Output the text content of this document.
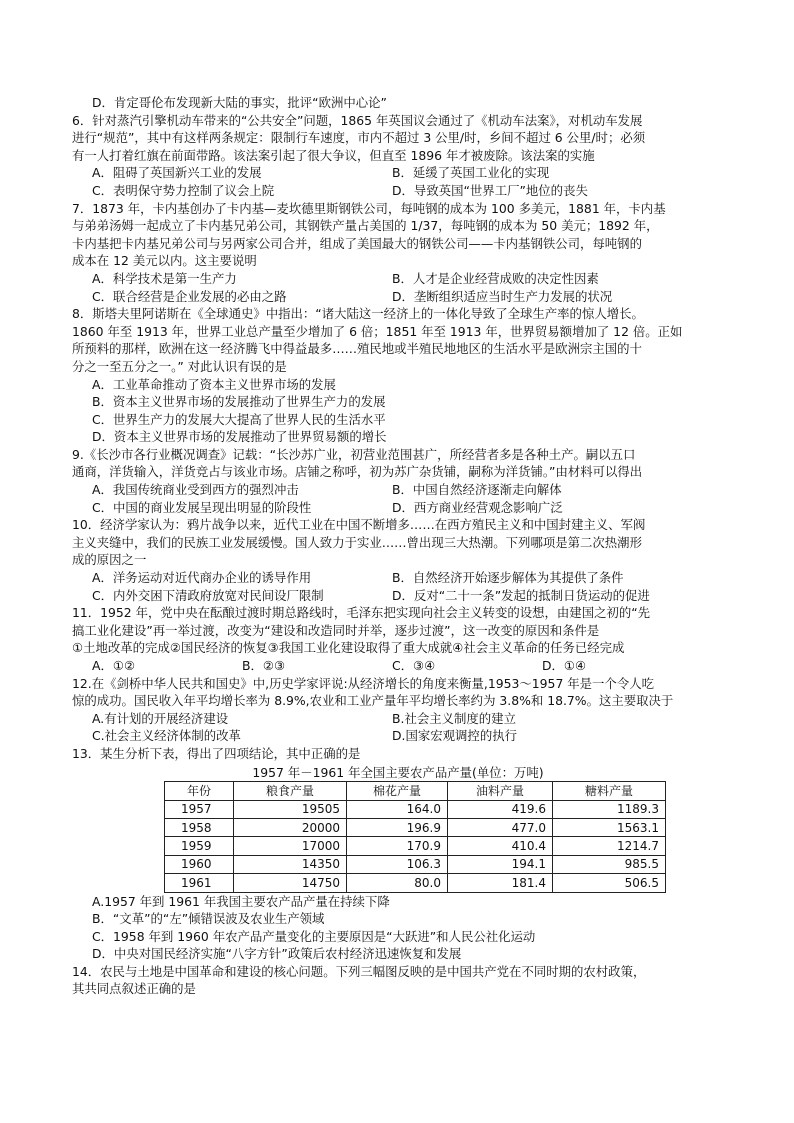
D．肯定哥伦布发现新大陆的事实，批评“欧洲中心论”
6．针对蒸汽引擎机动车带来的“公共安全”问题，1865 年英国议会通过了《机动车法案》，对机动车发展
进行“规范”，其中有这样两条规定：限制行车速度，市内不超过 3 公里/时，乡间不超过 6 公里/时；必须
有一人打着红旗在前面带路。该法案引起了很大争议，但直至 1896 年才被废除。该法案的实施
A．阻碍了英国新兴工业的发展	B．延缓了英国工业化的实现
C．表明保守势力控制了议会上院	D．导致英国“世界工厂”地位的丧失
7．1873 年，卡内基创办了卡内基—麦坎德里斯钢铁公司，每吨钢的成本为 100 多美元，1881 年，卡内基
与弟弟汤姆一起成立了卡内基兄弟公司，其钢铁产量占美国的 1/37，每吨钢的成本为 50 美元；1892 年，
卡内基把卡内基兄弟公司与另两家公司合并，组成了美国最大的钢铁公司——卡内基钢铁公司，每吨钢的
成本在 12 美元以内。这主要说明
A．科学技术是第一生产力	B．人才是企业经营成败的决定性因素
C．联合经营是企业发展的必由之路	D．垄断组织适应当时生产力发展的状况
8．斯塔夫里阿诺斯在《全球通史》中指出：“诸大陆这一经济上的一体化导致了全球生产率的惊人增长。
1860 年至 1913 年，世界工业总产量至少增加了 6 倍；1851 年至 1913 年，世界贸易额增加了 12 倍。正如
所预料的那样，欧洲在这一经济腾飞中得益最多……殖民地或半殖民地地区的生活水平是欧洲宗主国的十
分之一至五分之一。” 对此认识有误的是
A．工业革命推动了资本主义世界市场的发展
B．资本主义世界市场的发展推动了世界生产力的发展
C．世界生产力的发展大大提高了世界人民的生活水平
D．资本主义世界市场的发展推动了世界贸易额的增长
9.《长沙市各行业概况调查》记载：“长沙苏广业，初营业范围甚广，所经营者多是各种土产。嗣以五口
通商，洋货输入，洋货竞占与该业市场。店铺之称呼，初为苏广杂货铺，嗣称为洋货铺。”由材料可以得出
A．我国传统商业受到西方的强烈冲击	B．中国自然经济逐渐走向解体
C．中国的商业发展呈现出明显的阶段性	D．西方商业经营观念影响广泛
10．经济学家认为：鸦片战争以来，近代工业在中国不断增多……在西方殖民主义和中国封建主义、军阀
主义夹缝中，我们的民族工业发展缓慢。国人致力于实业……曾出现三大热潮。下列哪项是第二次热潮形
成的原因之一
A．洋务运动对近代商办企业的诱导作用	B．自然经济开始逐步解体为其提供了条件
C．内外交困下清政府放宽对民间设厂限制	D．反对“二十一条”发起的抵制日货运动的促进
11．1952 年，党中央在酝酿过渡时期总路线时，毛泽东把实现向社会主义转变的设想，由建国之初的“先
搞工业化建设”再一举过渡，改变为“建设和改造同时并举，逐步过渡”，这一改变的原因和条件是
①土地改革的完成②国民经济的恢复③我国工业化建设取得了重大成就④社会主义革命的任务已经完成
A．①②	B．②③	C．③④	D．①④
12.在《剑桥中华人民共和国史》中,历史学家评说:从经济增长的角度来衡量,1953～1957 年是一个令人吃
惊的成功。国民收入年平均增长率为 8.9%,农业和工业产量年平均增长率约为 3.8%和 18.7%。这主要取决于
A.有计划的开展经济建设	B.社会主义制度的建立
C.社会主义经济体制的改革	D.国家宏观调控的执行
13．某生分析下表，得出了四项结论，其中正确的是
1957 年－1961 年全国主要农产品产量(单位：万吨)
年份	粮食产量	棉花产量	油料产量	糖料产量
1957	19505	164.0	419.6	1189.3
1958	20000	196.9	477.0	1563.1
1959	17000	170.9	410.4	1214.7
1960	14350	106.3	194.1	985.5
1961	14750	80.0	181.4	506.5
A.1957 年到 1961 年我国主要农产品产量在持续下降
B．“文革”的“左”倾错误波及农业生产领域
C．1958 年到 1960 年农产品产量变化的主要原因是“大跃进”和人民公社化运动
D．中央对国民经济实施“八字方针”政策后农村经济迅速恢复和发展
14．农民与土地是中国革命和建设的核心问题。下列三幅图反映的是中国共产党在不同时期的农村政策，
其共同点叙述正确的是
